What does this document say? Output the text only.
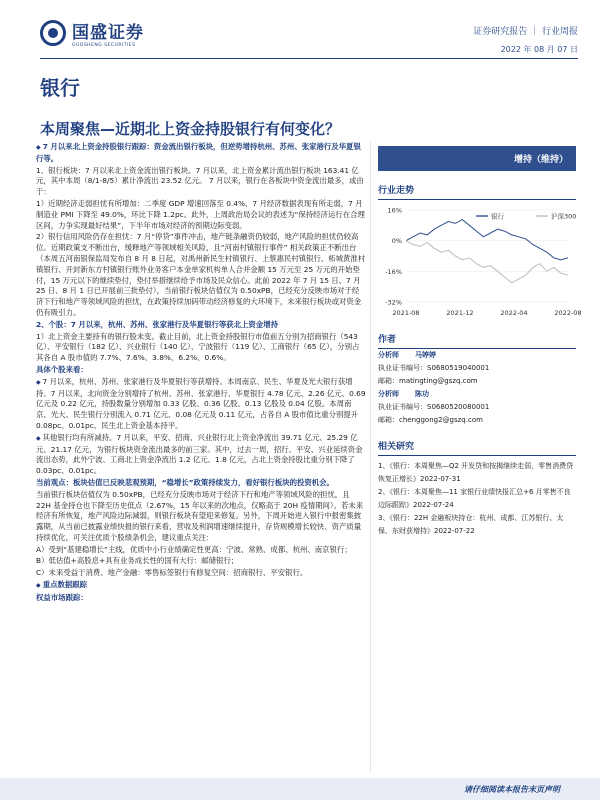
国盛证券
GUOSHENG SECURITIES
证券研究报告 ｜ 行业周报
2022 年 08 月 07 日
银行
本周聚焦—近期北上资金持股银行有何变化？

◆ 7 月以来北上资金持股银行跟踪：资金流出银行板块，但逆势增持杭州、苏州、张家港行及华夏银行等。

1、银行板块：7 月以来北上资金流出银行板块。7 月以来，北上资金累计流出银行板块 163.41 亿元，其中本周（8/1-8/5）累计净流出 23.52 亿元。 7 月以来，银行在各板块中资金流出最多，或由于：

1）近期经济走弱担忧有所增加：二季度 GDP 增速回落至 0.4%、7 月经济数据表现有所走弱，7 月制造业 PMI 下降至 49.0%，环比下降 1.2pc。此外，上周政治局会议的表述为“保持经济运行在合理区间，力争实现最好结果”，下半年市场对经济的预期边际变弱。

2）银行信用风险仍存在担忧：7 月“停贷”事件冲击，地产链条融资仍较弱，地产风险的担忧仍较高位。近期政策支不断出台，缓释地产等领域相关风险，且“河南村镇银行事件” 相关政策正不断出台（本周五河南银保监局发布自 8 月 8 日起，对禹州新民生村镇银行、上蔡惠民村镇银行、柘城黄淮村镇银行、开封新东方村镇银行账外业务客户本金单家机构单人合并金额 15 万元至 25 万元的开始垫付，15 万元以下的继续垫付，垫付举措继续给予市场及民众信心。此前 2022 年 7 月 15 日、7 月 25 日、8 月 1 日已开展前三批垫付），当前银行板块估值仅为 0.50xPB，已经充分反映市场对于经济下行和地产等领域风险的担忧，在政策持续加码带动经济修复的大环境下，未来银行板块或对资金仍有吸引力。

2、个股：7 月以来，杭州、苏州、张家港行及华夏银行等获北上资金增持

1）北上资金主要持有的银行股未变。截止目前，北上资金持股银行市值前五分别为招商银行（543 亿）、平安银行（182 亿）、兴业银行（140 亿）、宁波银行（119 亿）、工商银行（65 亿），分别占其各自 A 股市值的 7.7%、7.6%、3.8%、6.2%、0.6%。

具体个股来看：

◆ 7 月以来，杭州、苏州、张家港行及华夏银行等获增持。本周南京、民生、华夏及光大银行获增持。7 月以来，北向资金分别增持了杭州、苏州、张家港行、华夏银行 4.78 亿元、2.26 亿元、0.69 亿元及 0.22 亿元，持股数量分别增加 0.33 亿股、0.36 亿股、0.13 亿股及 0.04 亿股。本周南京、光大、民生银行分别流入 0.71 亿元、0.08 亿元及 0.11 亿元，占各自 A 股市值比重分别提升 0.08pc、0.01pc。民生北上资金基本持平。

◆ 其他银行均有所减持。7 月以来，平安、招商、兴业银行北上资金净流出 39.71 亿元、25.29 亿元、21.17 亿元，为银行板块资金流出最多的前三家。其中，过去一周，招行、平安、兴业延续资金流出态势，此外宁波、工商北上资金净流出 1.2 亿元、1.8 亿元，占北上资金持股比重分别下降了 0.03pc、0.01pc。

当前观点：板块估值已反映悲观预期，“稳增长”政策持续发力，看好银行板块的投资机会。

当前银行板块估值仅为 0.50xPB，已经充分反映市场对于经济下行和地产等领域风险的担忧，且 22H 基金持仓也下降至历史低点（2.67%，15 年以来的次地点，仅略高于 20H 疫情期间）。若未来经济有所恢复，地产风险边际减弱，则银行板块有望迎来修复。另外，下周开始进入银行中报密集披露期，从当前已披露业绩快报的银行来看，营收及利润增速继续提升，存贷规模增长较快、资产质量持续优化，可关注优质个股绩条机会，建议重点关注：

A）受到“基建稳增长”主线，优质中小行业绩确定性更高：宁波、常熟、成都、杭州、南京银行；

B）低估值+高股息+具有业务成长性的国有大行：邮储银行；

C）未来受益于消费、地产金融：零售标签银行有修复空间：招商银行、平安银行。

◆ 重点数据跟踪

权益市场跟踪：

增持（维持）
行业走势
16%
0%
-16%
-32%
2021-08	2021-12	2022-04	2022-08
银行	沪深300
作者
分析师 马婷婷
执业证书编号：S0680519040001
邮箱：matingting@gszq.com
分析师 陈功
执业证书编号：S0680520080001
邮箱：chenggong2@gszq.com
相关研究
1、《银行：本周聚焦—Q2 开发贷和按揭继续走弱，零售消费贷恢复正增长》2022-07-31
2、《银行：本周聚焦—11 家银行业绩快报汇总+6 月零售不良边际跟踪》2022-07-24
3、《银行：22H 金融板块持仓：杭州、成都、江苏银行、太保、东财获增持》2022-07-22
请仔细阅读本报告末页声明
